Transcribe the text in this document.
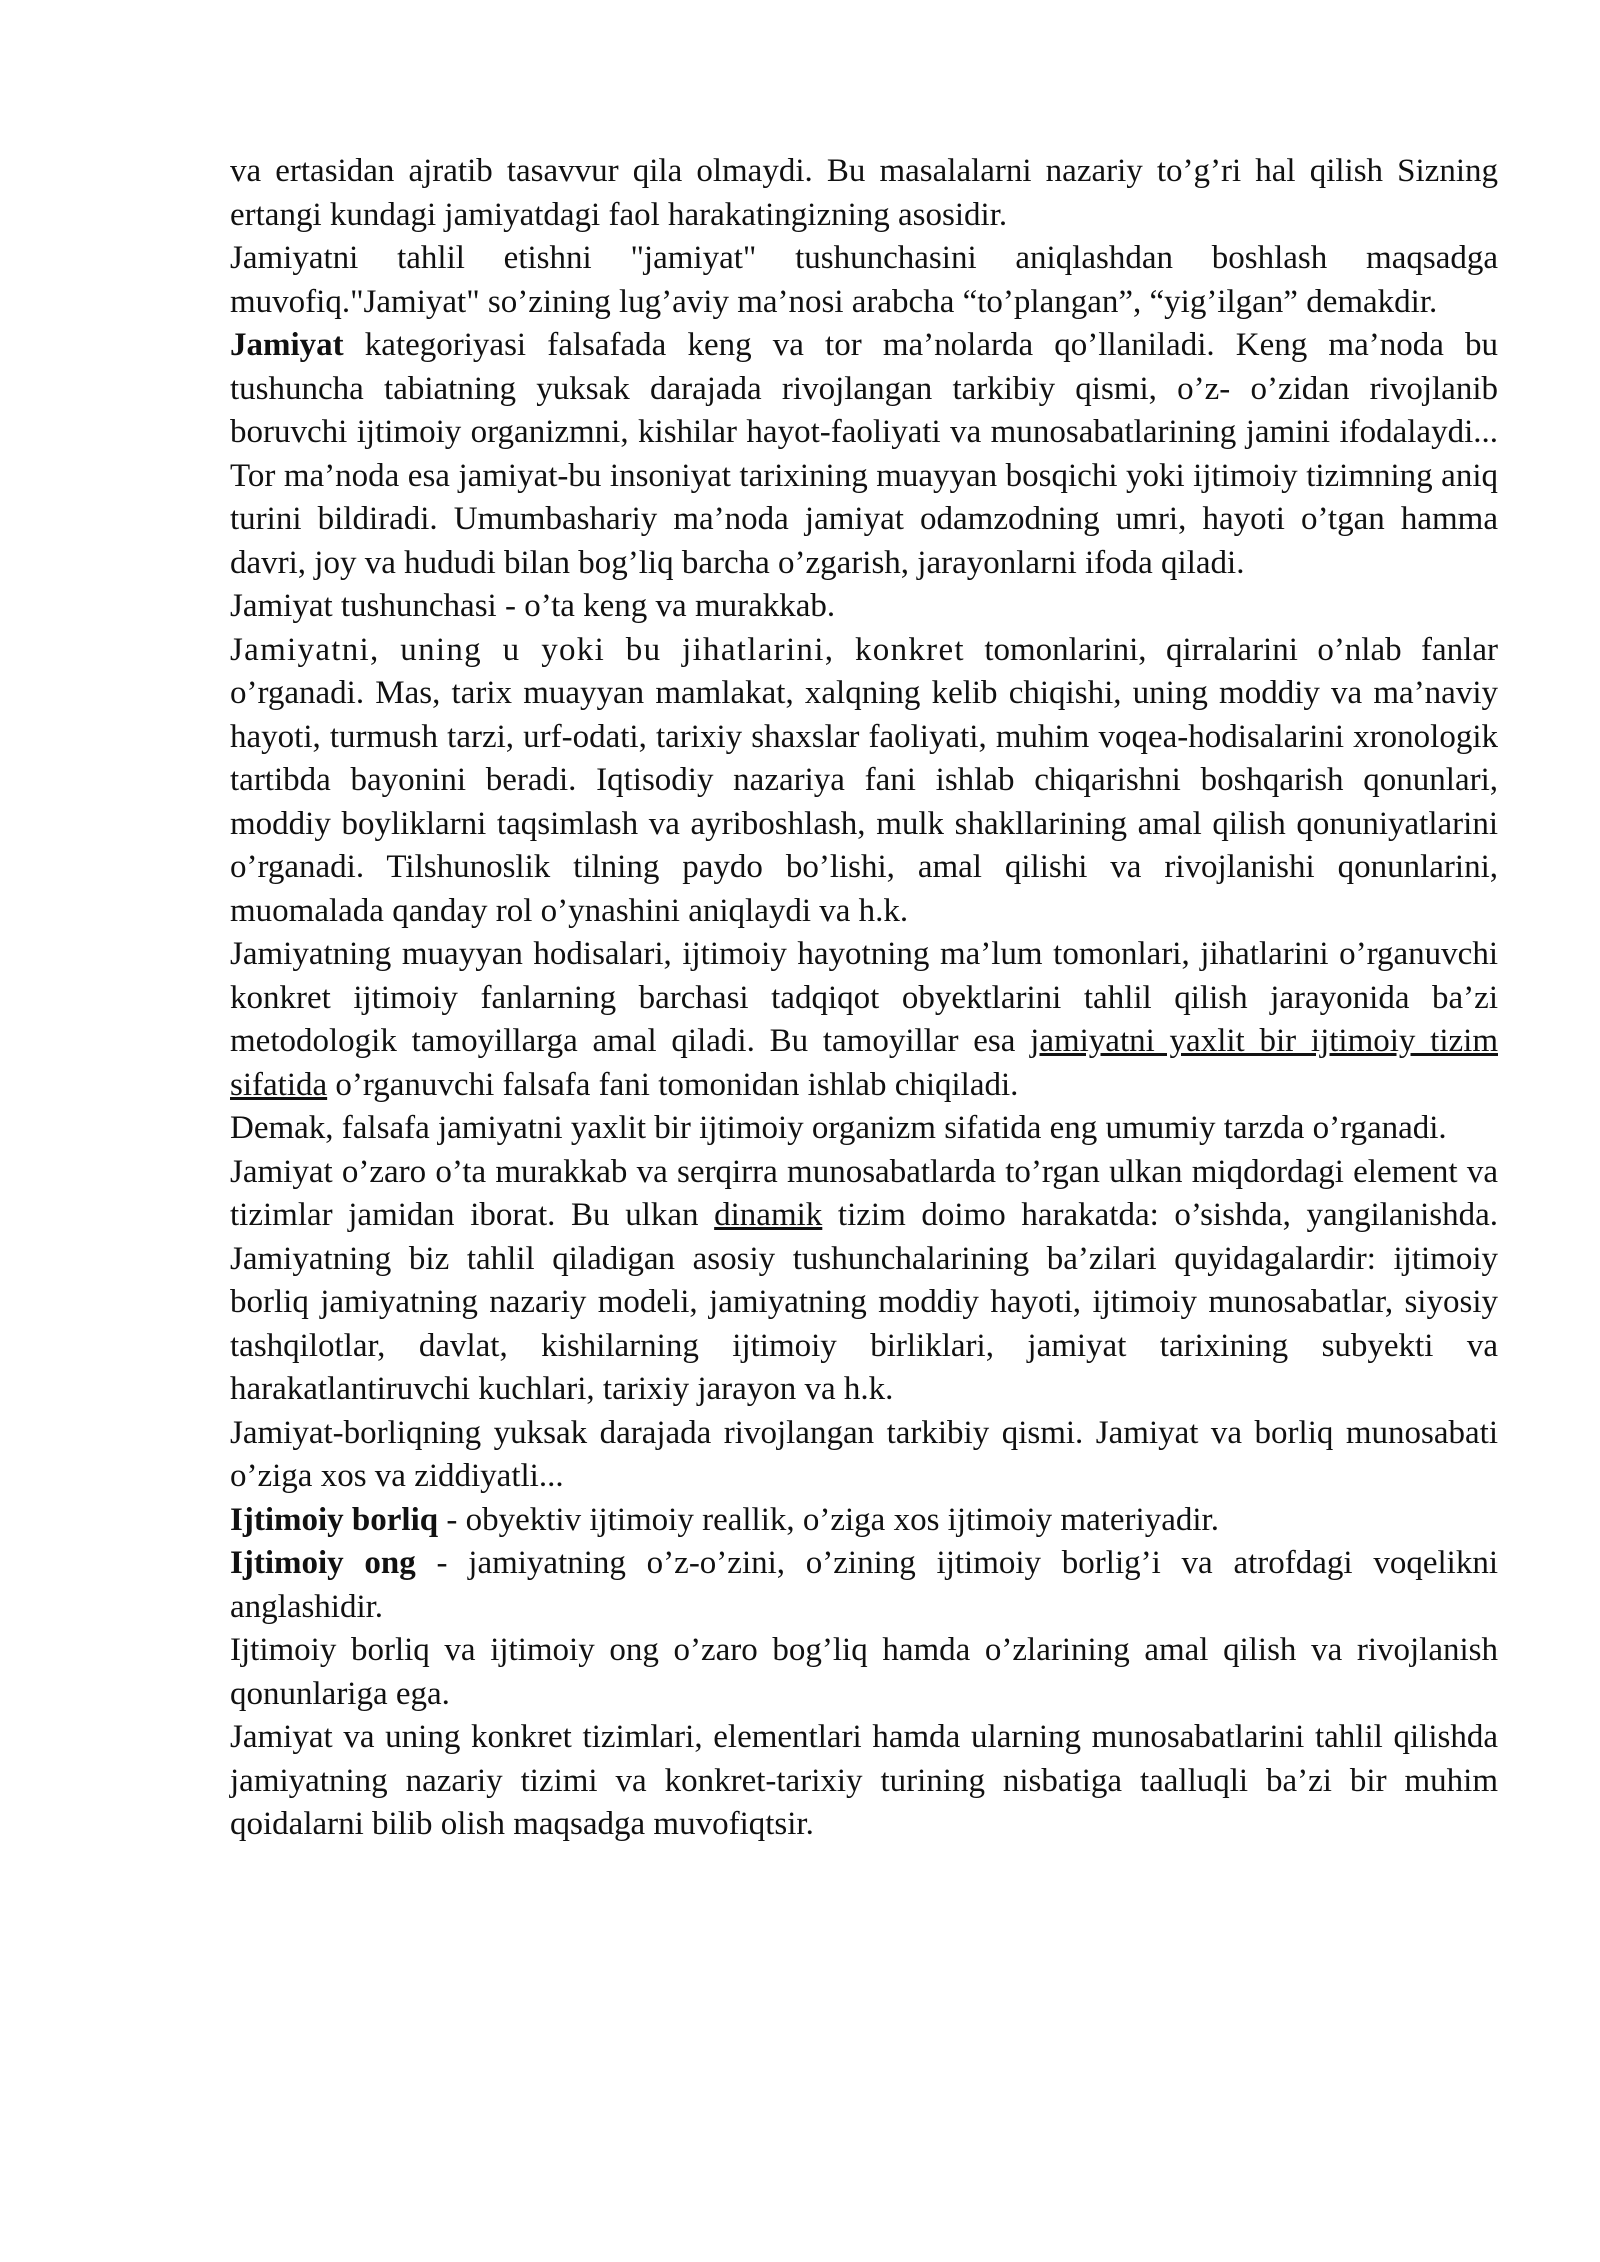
va ertasidan ajratib tasavvur qila olmaydi. Bu masalalarni nazariy to’g’ri hal qilish Sizning ertangi kundagi jamiyatdagi faol harakatingizning asosidir.

Jamiyatni tahlil etishni "jamiyat" tushunchasini aniqlashdan boshlash maqsadga muvofiq."Jamiyat" so’zining lug’aviy ma’nosi arabcha “to’plangan”, “yig’ilgan” demakdir.

Jamiyat kategoriyasi falsafada keng va tor ma’nolarda qo’llaniladi. Keng ma’noda bu tushuncha tabiatning yuksak darajada rivojlangan tarkibiy qismi, o’z- o’zidan rivojlanib boruvchi ijtimoiy organizmni, kishilar hayot-faoliyati va munosabatlarining jamini ifodalaydi... Tor ma’noda esa jamiyat-bu insoniyat tarixining muayyan bosqichi yoki ijtimoiy tizimning aniq turini bildiradi. Umumbashariy ma’noda jamiyat odamzodning umri, hayoti o’tgan hamma davri, joy va hududi bilan bog’liq barcha o’zgarish, jarayonlarni ifoda qiladi.

Jamiyat tushunchasi - o’ta keng va murakkab.

Jamiyatni, uning u yoki bu jihatlarini, konkret tomonlarini, qirralarini o’nlab fanlar o’rganadi. Mas, tarix muayyan mamlakat, xalqning kelib chiqishi, uning moddiy va ma’naviy hayoti, turmush tarzi, urf-odati, tarixiy shaxslar faoliyati, muhim voqea-hodisalarini xronologik tartibda bayonini beradi. Iqtisodiy nazariya fani ishlab chiqarishni boshqarish qonunlari, moddiy boyliklarni taqsimlash va ayriboshlash, mulk shakllarining amal qilish qonuniyatlarini o’rganadi. Tilshunoslik tilning paydo bo’lishi, amal qilishi va rivojlanishi qonunlarini, muomalada qanday rol o’ynashini aniqlaydi va h.k.

Jamiyatning muayyan hodisalari, ijtimoiy hayotning ma’lum tomonlari, jihatlarini o’rganuvchi konkret ijtimoiy fanlarning barchasi tadqiqot obyektlarini tahlil qilish jarayonida ba’zi metodologik tamoyillarga amal qiladi. Bu tamoyillar esa jamiyatni yaxlit bir ijtimoiy tizim sifatida o’rganuvchi falsafa fani tomonidan ishlab chiqiladi.

Demak, falsafa jamiyatni yaxlit bir ijtimoiy organizm sifatida eng umumiy tarzda o’rganadi.

Jamiyat o’zaro o’ta murakkab va serqirra munosabatlarda to’rgan ulkan miqdordagi element va tizimlar jamidan iborat. Bu ulkan dinamik tizim doimo harakatda: o’sishda, yangilanishda. Jamiyatning biz tahlil qiladigan asosiy tushunchalarining ba’zilari quyidagalardir: ijtimoiy borliq jamiyatning nazariy modeli, jamiyatning moddiy hayoti, ijtimoiy munosabatlar, siyosiy tashqilotlar, davlat, kishilarning ijtimoiy birliklari, jamiyat tarixining subyekti va harakatlantiruvchi kuchlari, tarixiy jarayon va h.k.

Jamiyat-borliqning yuksak darajada rivojlangan tarkibiy qismi. Jamiyat va borliq munosabati o’ziga xos va ziddiyatli...

Ijtimoiy borliq - obyektiv ijtimoiy reallik, o’ziga xos ijtimoiy materiyadir.

Ijtimoiy ong - jamiyatning o’z-o’zini, o’zining ijtimoiy borlig’i va atrofdagi voqelikni anglashidir.

Ijtimoiy borliq va ijtimoiy ong o’zaro bog’liq hamda o’zlarining amal qilish va rivojlanish qonunlariga ega.

Jamiyat va uning konkret tizimlari, elementlari hamda ularning munosabatlarini tahlil qilishda jamiyatning nazariy tizimi va konkret-tarixiy turining nisbatiga taalluqli ba’zi bir muhim qoidalarni bilib olish maqsadga muvofiqtsir.
